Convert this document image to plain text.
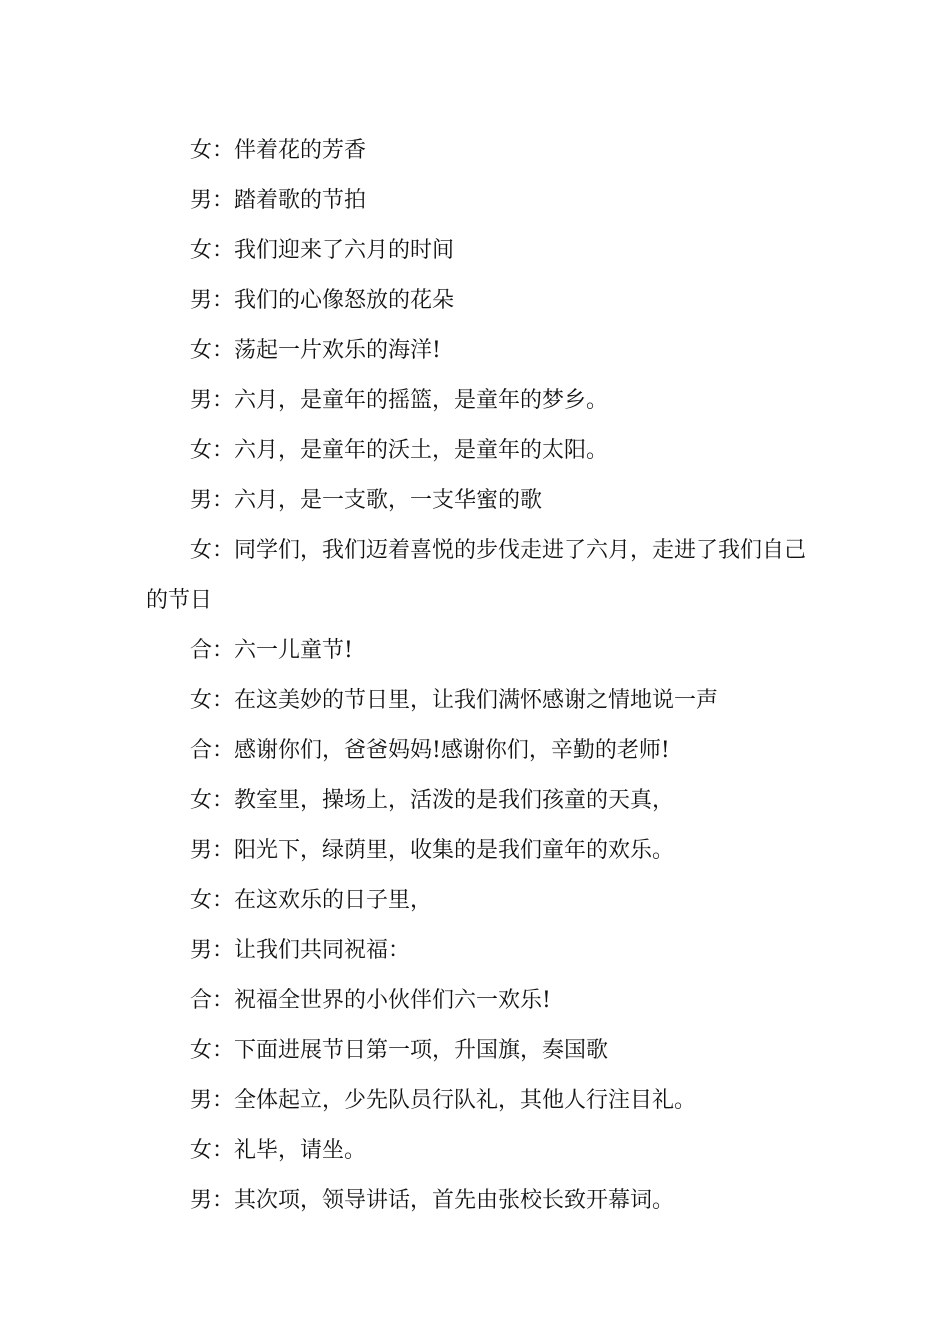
女：伴着花的芳香

男：踏着歌的节拍

女：我们迎来了六月的时间

男：我们的心像怒放的花朵

女：荡起一片欢乐的海洋!

男：六月，是童年的摇篮，是童年的梦乡。

女：六月，是童年的沃土，是童年的太阳。

男：六月，是一支歌，一支华蜜的歌

女：同学们，我们迈着喜悦的步伐走进了六月，走进了我们自己的节日

合：六一儿童节!

女：在这美妙的节日里，让我们满怀感谢之情地说一声

合：感谢你们，爸爸妈妈!感谢你们，辛勤的老师!

女：教室里，操场上，活泼的是我们孩童的天真，

男：阳光下，绿荫里，收集的是我们童年的欢乐。

女：在这欢乐的日子里，

男：让我们共同祝福：

合：祝福全世界的小伙伴们六一欢乐!

女：下面进展节日第一项，升国旗，奏国歌

男：全体起立，少先队员行队礼，其他人行注目礼。

女：礼毕，请坐。

男：其次项，领导讲话，首先由张校长致开幕词。
